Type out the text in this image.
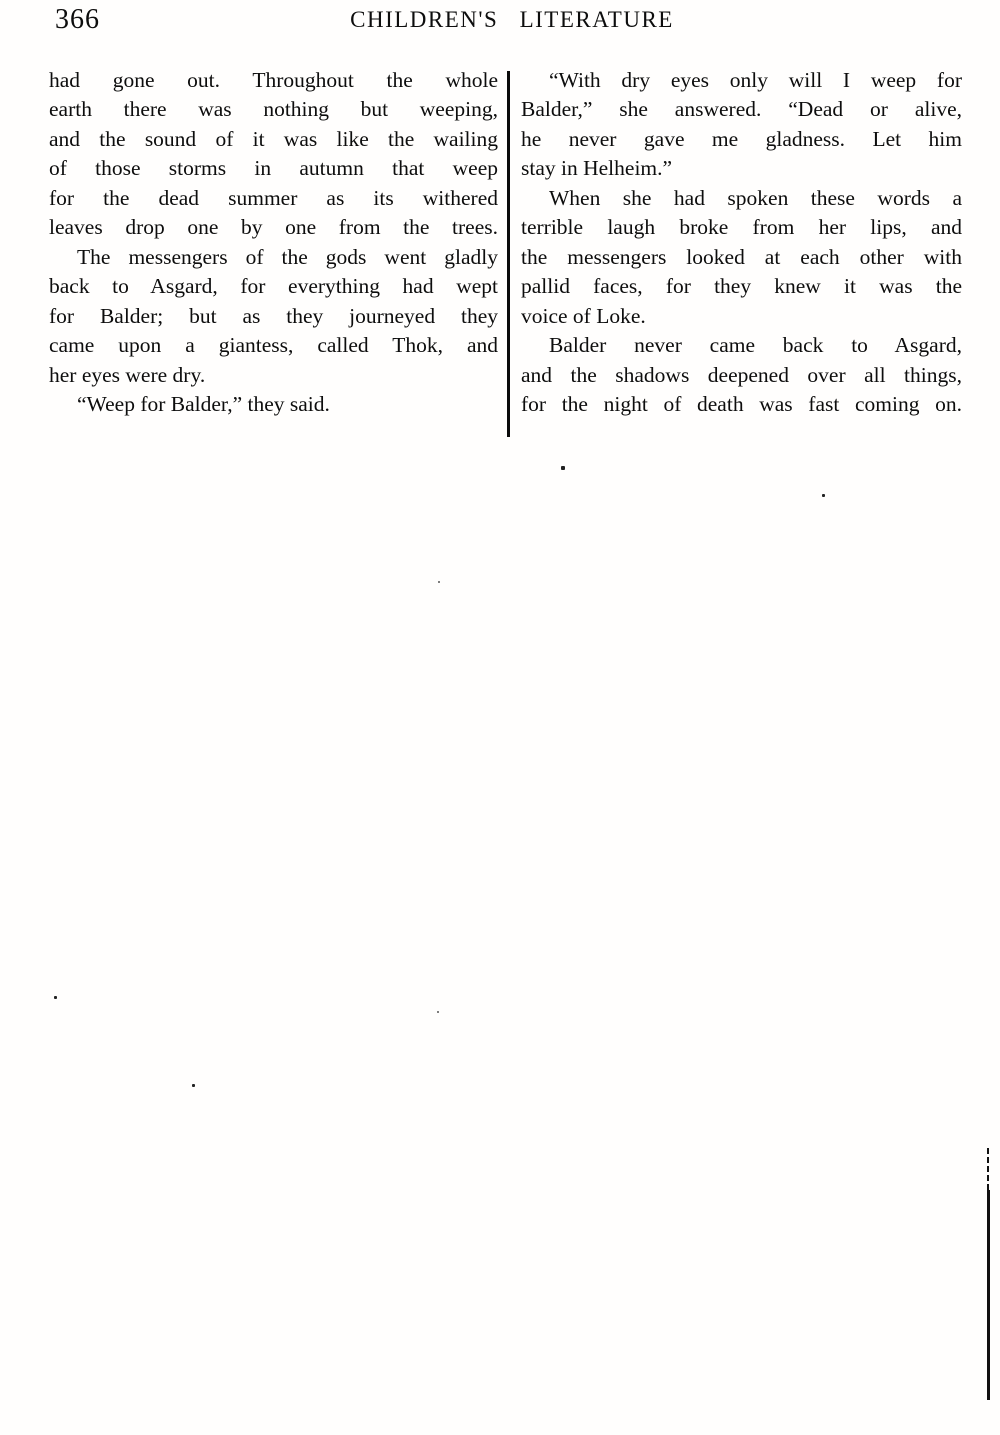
366	CHILDREN'S LITERATURE
had gone out. Throughout the whole
earth there was nothing but weeping,
and the sound of it was like the wailing
of those storms in autumn that weep
for the dead summer as its withered
leaves drop one by one from the trees.
The messengers of the gods went gladly
back to Asgard, for everything had wept
for Balder; but as they journeyed they
came upon a giantess, called Thok, and
her eyes were dry.
“Weep for Balder,” they said.
“With dry eyes only will I weep for
Balder,” she answered. “Dead or alive,
he never gave me gladness. Let him
stay in Helheim.”
When she had spoken these words a
terrible laugh broke from her lips, and
the messengers looked at each other with
pallid faces, for they knew it was the
voice of Loke.
Balder never came back to Asgard,
and the shadows deepened over all things,
for the night of death was fast coming on.
